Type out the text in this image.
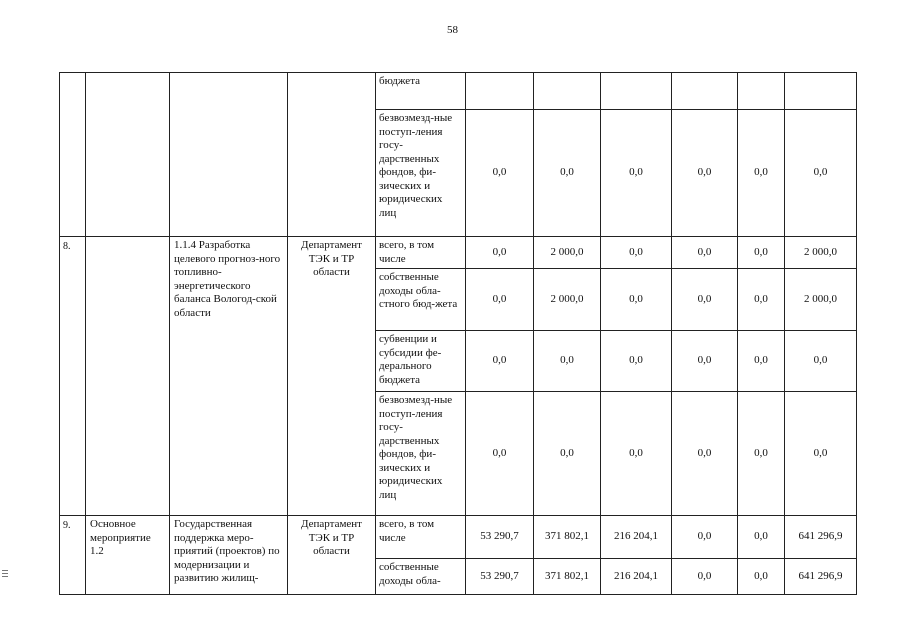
58
				бюджета						
				безвозмезд-ные поступ-ления госу-дарственных фондов, фи-зических и юридических лиц	0,0	0,0	0,0	0,0	0,0	0,0
8.		1.1.4 Разработка целевого прогноз-ного топливно-энергетического баланса Вологод-ской области	Департамент ТЭК и ТР области	всего, в том числе	0,0	2 000,0	0,0	0,0	0,0	2 000,0
				собственные доходы обла-стного бюд-жета	0,0	2 000,0	0,0	0,0	0,0	2 000,0
				субвенции и субсидии фе-дерального бюджета	0,0	0,0	0,0	0,0	0,0	0,0
				безвозмезд-ные поступ-ления госу-дарственных фондов, фи-зических и юридических лиц	0,0	0,0	0,0	0,0	0,0	0,0
9.	Основное мероприятие 1.2	Государственная поддержка меро-приятий (проектов) по модернизации и развитию жилищ-	Департамент ТЭК и ТР области	всего, в том числе	53 290,7	371 802,1	216 204,1	0,0	0,0	641 296,9
				собственные доходы обла-	53 290,7	371 802,1	216 204,1	0,0	0,0	641 296,9
